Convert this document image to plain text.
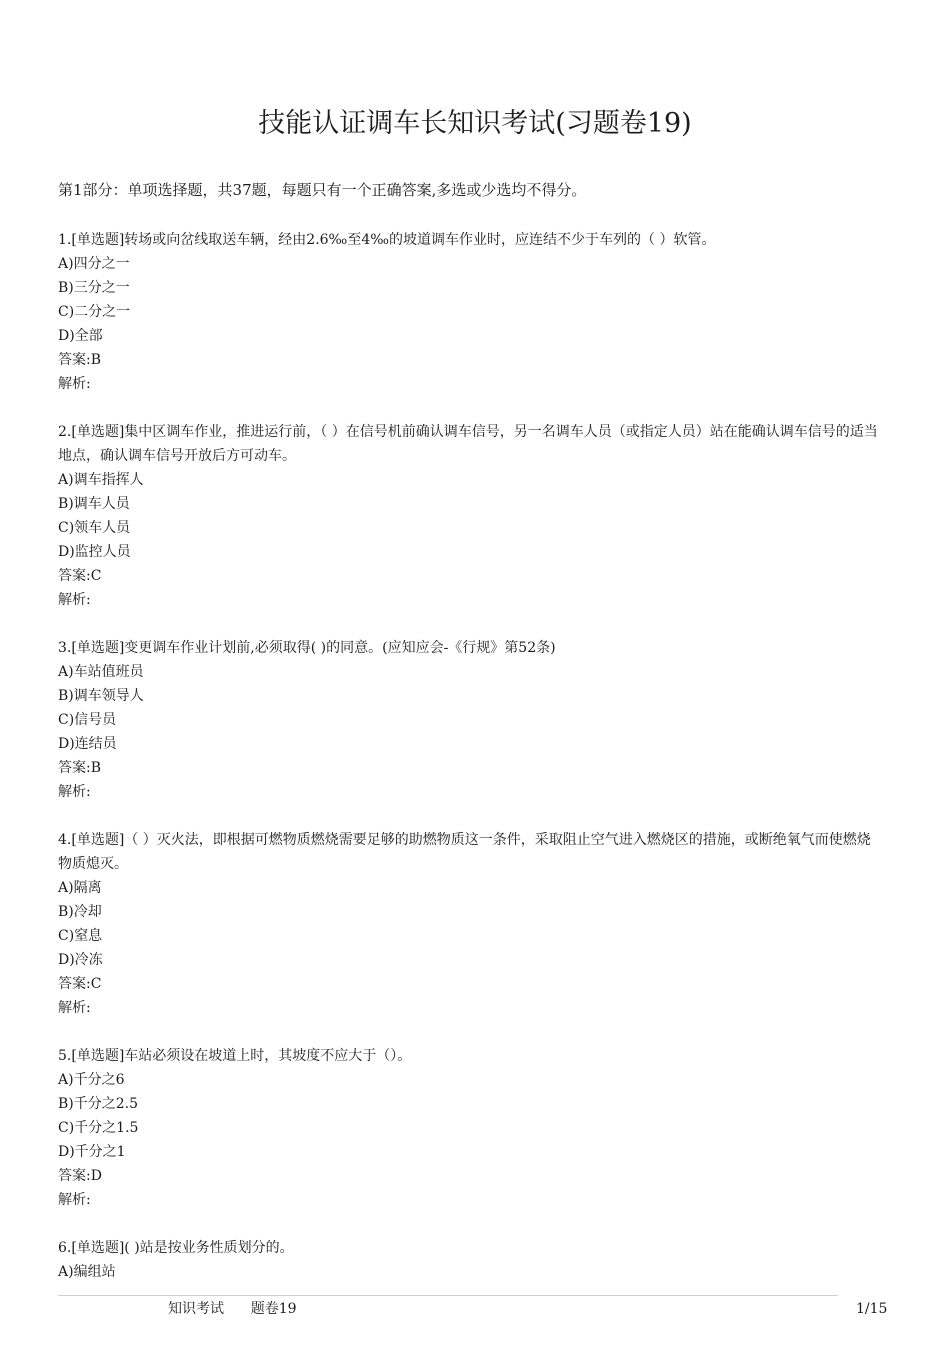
技能认证调车长知识考试(习题卷19)
第1部分：单项选择题，共37题，每题只有一个正确答案,多选或少选均不得分。

1.[单选题]转场或向岔线取送车辆，经由2.6‰至4‰的坡道调车作业时，应连结不少于车列的（ ）软管。

A)四分之一

B)三分之一

C)二分之一

D)全部

答案:B

解析:

2.[单选题]集中区调车作业，推进运行前，（ ）在信号机前确认调车信号，另一名调车人员（或指定人员）站在能确认调车信号的适当地点，确认调车信号开放后方可动车。

A)调车指挥人

B)调车人员

C)领车人员

D)监控人员

答案:C

解析:

3.[单选题]变更调车作业计划前,必须取得( )的同意。(应知应会-《行规》第52条)

A)车站值班员

B)调车领导人

C)信号员

D)连结员

答案:B

解析:

4.[单选题]（ ）灭火法，即根据可燃物质燃烧需要足够的助燃物质这一条件，采取阻止空气进入燃烧区的措施，或断绝氧气而使燃烧物质熄灭。

A)隔离

B)冷却

C)窒息

D)冷冻

答案:C

解析:

5.[单选题]车站必须设在坡道上时，其坡度不应大于（）。

A)千分之6

B)千分之2.5

C)千分之1.5

D)千分之1

答案:D

解析:

6.[单选题]( )站是按业务性质划分的。

A)编组站

知识考试      题卷19	1/15
